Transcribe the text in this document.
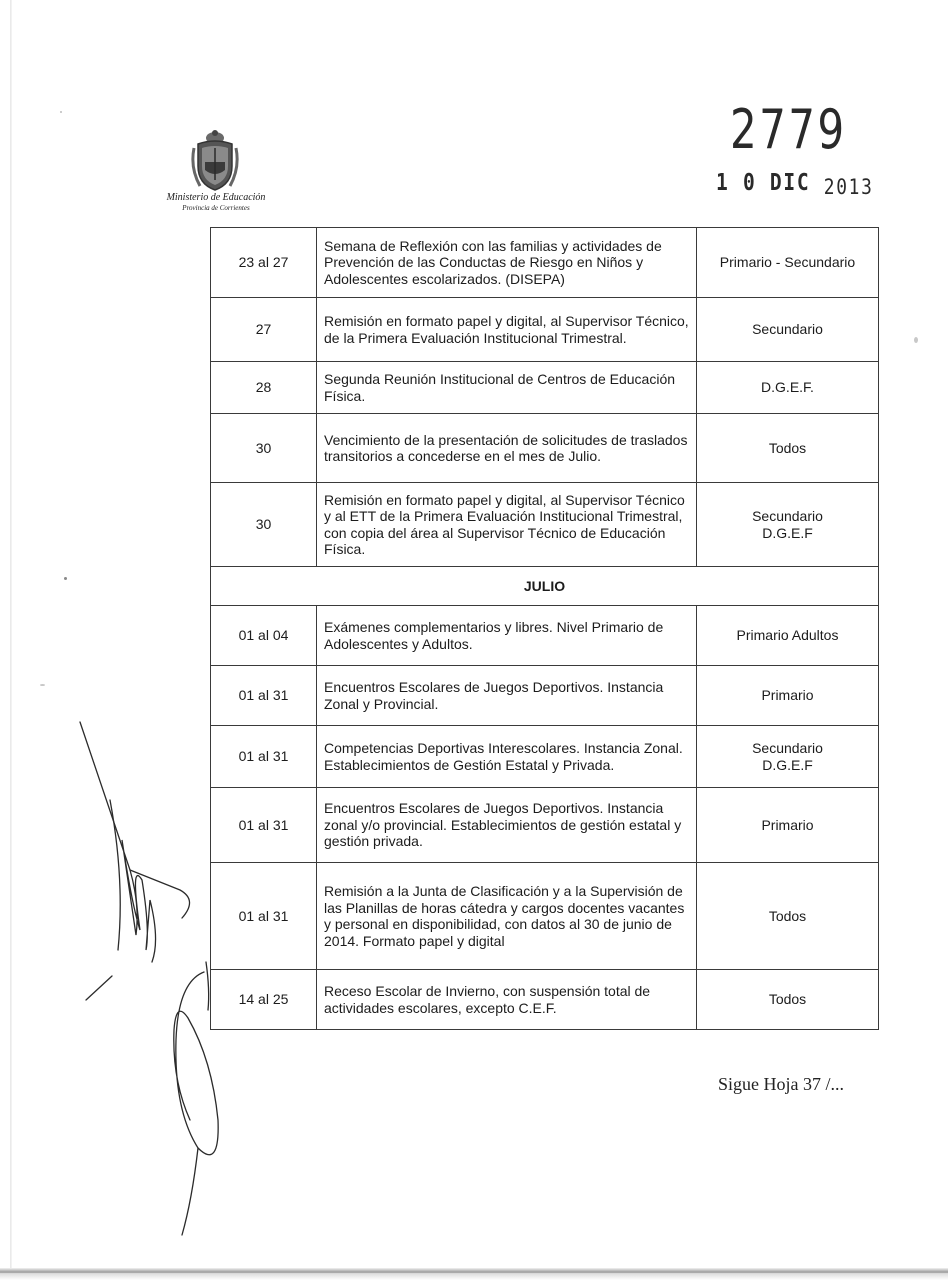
Ministerio de Educación
Provincia de Corrientes
2779
1 0 DIC 2013
23 al 27	Semana de Reflexión con las familias y actividades de Prevención de las Conductas de Riesgo en Niños y Adolescentes escolarizados. (DISEPA)	Primario - Secundario

27	Remisión en formato papel y digital, al Supervisor Técnico, de la Primera Evaluación Institucional Trimestral.	Secundario

28	Segunda Reunión Institucional de Centros de Educación Física.	D.G.E.F.

30	Vencimiento de la presentación de solicitudes de traslados transitorios a concederse en el mes de Julio.	Todos

30	Remisión en formato papel y digital, al Supervisor Técnico y al ETT de la Primera Evaluación Institucional Trimestral, con copia del área al Supervisor Técnico de Educación Física.	Secundario
D.G.E.F

JULIO		
01 al 04	Exámenes complementarios y libres. Nivel Primario de Adolescentes y Adultos.	Primario Adultos

01 al 31	Encuentros Escolares de Juegos Deportivos. Instancia Zonal y Provincial.	Primario

01 al 31	Competencias Deportivas Interescolares. Instancia Zonal. Establecimientos de Gestión Estatal y Privada.	Secundario
D.G.E.F

01 al 31	Encuentros Escolares de Juegos Deportivos. Instancia zonal y/o provincial. Establecimientos de gestión estatal y gestión privada.	Primario

01 al 31	Remisión a la Junta de Clasificación y a la Supervisión de las Planillas de horas cátedra y cargos docentes vacantes y personal en disponibilidad, con datos al 30 de junio de 2014. Formato papel y digital	Todos

14 al 25	Receso Escolar de Invierno, con suspensión total de actividades escolares, excepto C.E.F.	Todos
Sigue Hoja 37 /...
